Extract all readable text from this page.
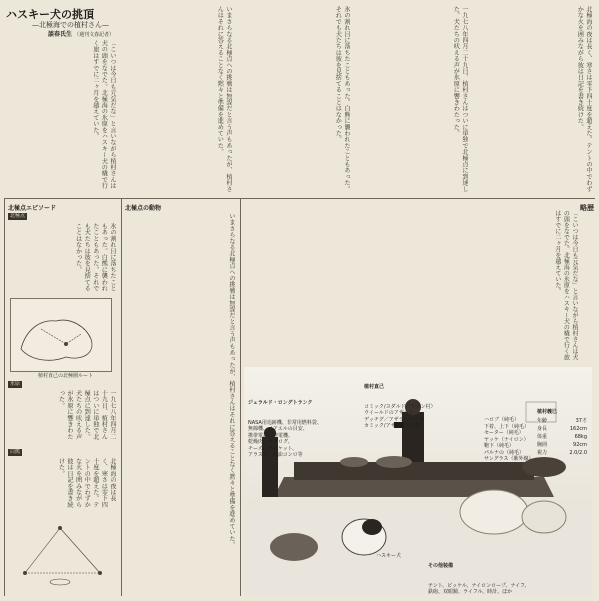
ハスキー犬の挑頂
—北極海での植村さん—
談春氏生 （週刊文春記者）
「こいつは今日も元気だな」と言いながら植村さんは犬の頭をなでた。北極海の氷原をハスキー犬の橇で行く旅はすでに二ヶ月を越えていた。	いまさらなる北極点への挑戦は無謀だと言う声もあったが、植村さんはそれに答えることなく黙々と準備を進めていた。	氷の割れ目に落ちたこともあった。白熊に襲われたこともあった。それでも犬たちは彼を見捨てることはなかった。	一九七八年四月二十九日、植村さんはついに単独で北極点に到達した。犬たちの吠える声が氷原に響きわたった。	北極海の夜は長く、寒さは零下四十度を超えた。テントの中でわずかな火を囲みながら彼は日記を書き続けた。
北極点エピソード
北極点
氷の割れ目に落ちたこともあった。白熊に襲われたこともあった。それでも犬たちは彼を見捨てることはなかった。
植村直己の北極圏ルート
氷原
一九七八年四月二十九日、植村さんはついに単独で北極点に到達した。犬たちの吠える声が氷原に響きわたった。
白熊
北極海の夜は長く、寒さは零下四十度を超えた。テントの中でわずかな火を囲みながら彼は日記を書き続けた。
北極点の動物
いまさらなる北極点への挑戦は無謀だと言う声もあったが、植村さんはそれに答えることなく黙々と準備を進めていた。
略歴
「こいつは今日も元気だな」と言いながら植村さんは犬の頭をなでた。北極海の氷原をハスキー犬の橇で行く旅はすでに二ヶ月を越えていた。

ジェラルド・ロングトランク

NASA用追跡機、非常用燃料袋、
無線機、ノアエルの目安、
携帯電話、発電機、
乾燥肉、カタログ、
チーズ、ビスケット、
アラスカ、石油コンロ等

植村直己

コミック/ヨダルド（ラクン村）
ウイールドのアザラシ
デッチグ／アザラシの手袋
カミック/アザラシ皮の靴

ハロブ（純毛）
下着、上下（純毛）
セーター（純毛）
ヤッケ（ナイロン）
鞄下（純毛）
パルナの（純毛）
サングラス（紫外線）
ハスキー犬

その他装備

テント、ピッケル、ナイロンロープ、ナイフ、
鉄砲、双眼鏡、ライフル、時計、ほか

植村義巳
年齢	37才
身長	162cm
体重	68kg
胸囲	92cm
視力	2.0/2.0
